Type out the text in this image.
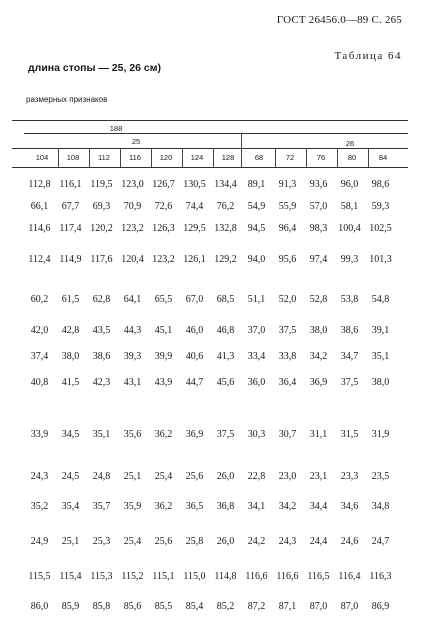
ГОСТ 26456.0—89 С. 265
Таблица 64
длина стопы — 25, 26 см)
размерных признаков
188
25	26
104	108	112	116	120	124	128	68	72	76	80	84
112,8	116,1	119,5	123,0	126,7	130,5	134,4	89,1	91,3	93,6	96,0	98,6
66,1	67,7	69,3	70,9	72,6	74,4	76,2	54,9	55,9	57,0	58,1	59,3
114,6	117,4	120,2	123,2	126,3	129,5	132,8	94,5	96,4	98,3	100,4	102,5
112,4	114,9	117,6	120,4	123,2	126,1	129,2	94,0	95,6	97,4	99,3	101,3
60,2	61,5	62,8	64,1	65,5	67,0	68,5	51,1	52,0	52,8	53,8	54,8
42,0	42,8	43,5	44,3	45,1	46,0	46,8	37,0	37,5	38,0	38,6	39,1
37,4	38,0	38,6	39,3	39,9	40,6	41,3	33,4	33,8	34,2	34,7	35,1
40,8	41,5	42,3	43,1	43,9	44,7	45,6	36,0	36,4	36,9	37,5	38,0
33,9	34,5	35,1	35,6	36,2	36,9	37,5	30,3	30,7	31,1	31,5	31,9
24,3	24,5	24,8	25,1	25,4	25,6	26,0	22,8	23,0	23,1	23,3	23,5
35,2	35,4	35,7	35,9	36,2	36,5	36,8	34,1	34,2	34,4	34,6	34,8
24,9	25,1	25,3	25,4	25,6	25,8	26,0	24,2	24,3	24,4	24,6	24,7
115,5	115,4	115,3	115,2	115,1	115,0	114,8	116,6	116,6	116,5	116,4	116,3
86,0	85,9	85,8	85,6	85,5	85,4	85,2	87,2	87,1	87,0	87,0	86,9
